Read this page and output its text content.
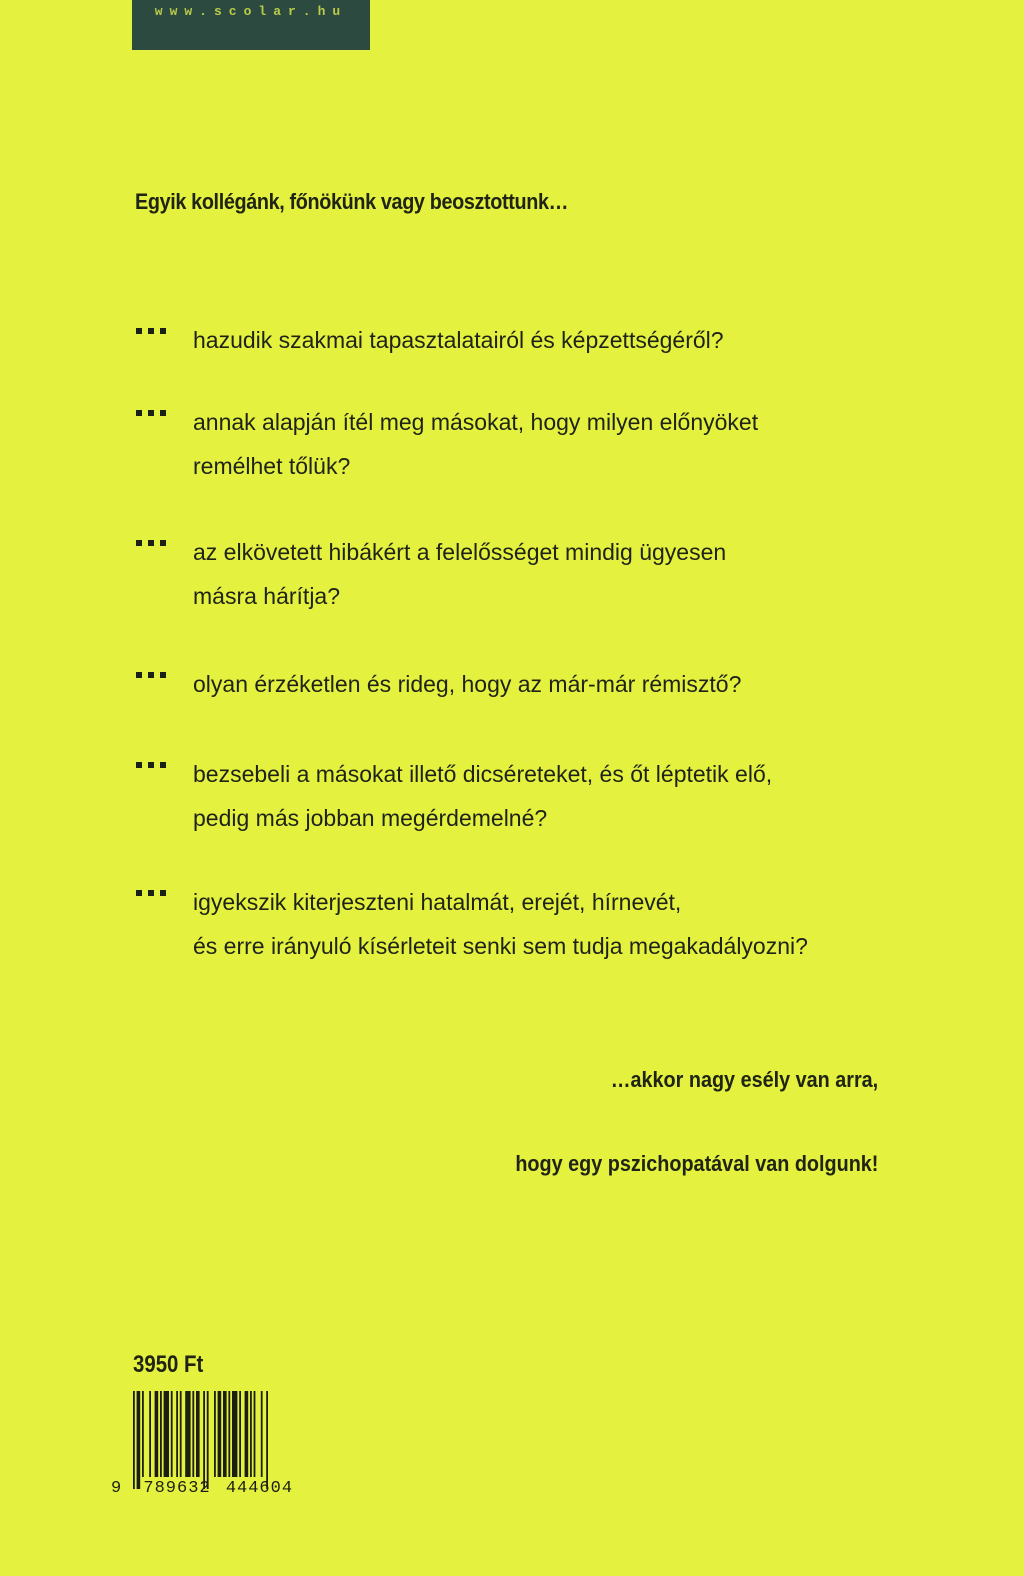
www.scolar.hu
Egyik kollégánk, főnökünk vagy beosztottunk…
hazudik szakmai tapasztalatairól és képzettségéről?
annak alapján ítél meg másokat, hogy milyen előnyöket
remélhet tőlük?
az elkövetett hibákért a felelősséget mindig ügyesen
másra hárítja?
olyan érzéketlen és rideg, hogy az már-már rémisztő?
bezsebeli a másokat illető dicséreteket, és őt léptetik elő,
pedig más jobban megérdemelné?
igyekszik kiterjeszteni hatalmát, erejét, hírnevét,
és erre irányuló kísérleteit senki sem tudja megakadályozni?
…akkor nagy esély van arra,
hogy egy pszichopatával van dolgunk!
3950 Ft
9 789632 444604
